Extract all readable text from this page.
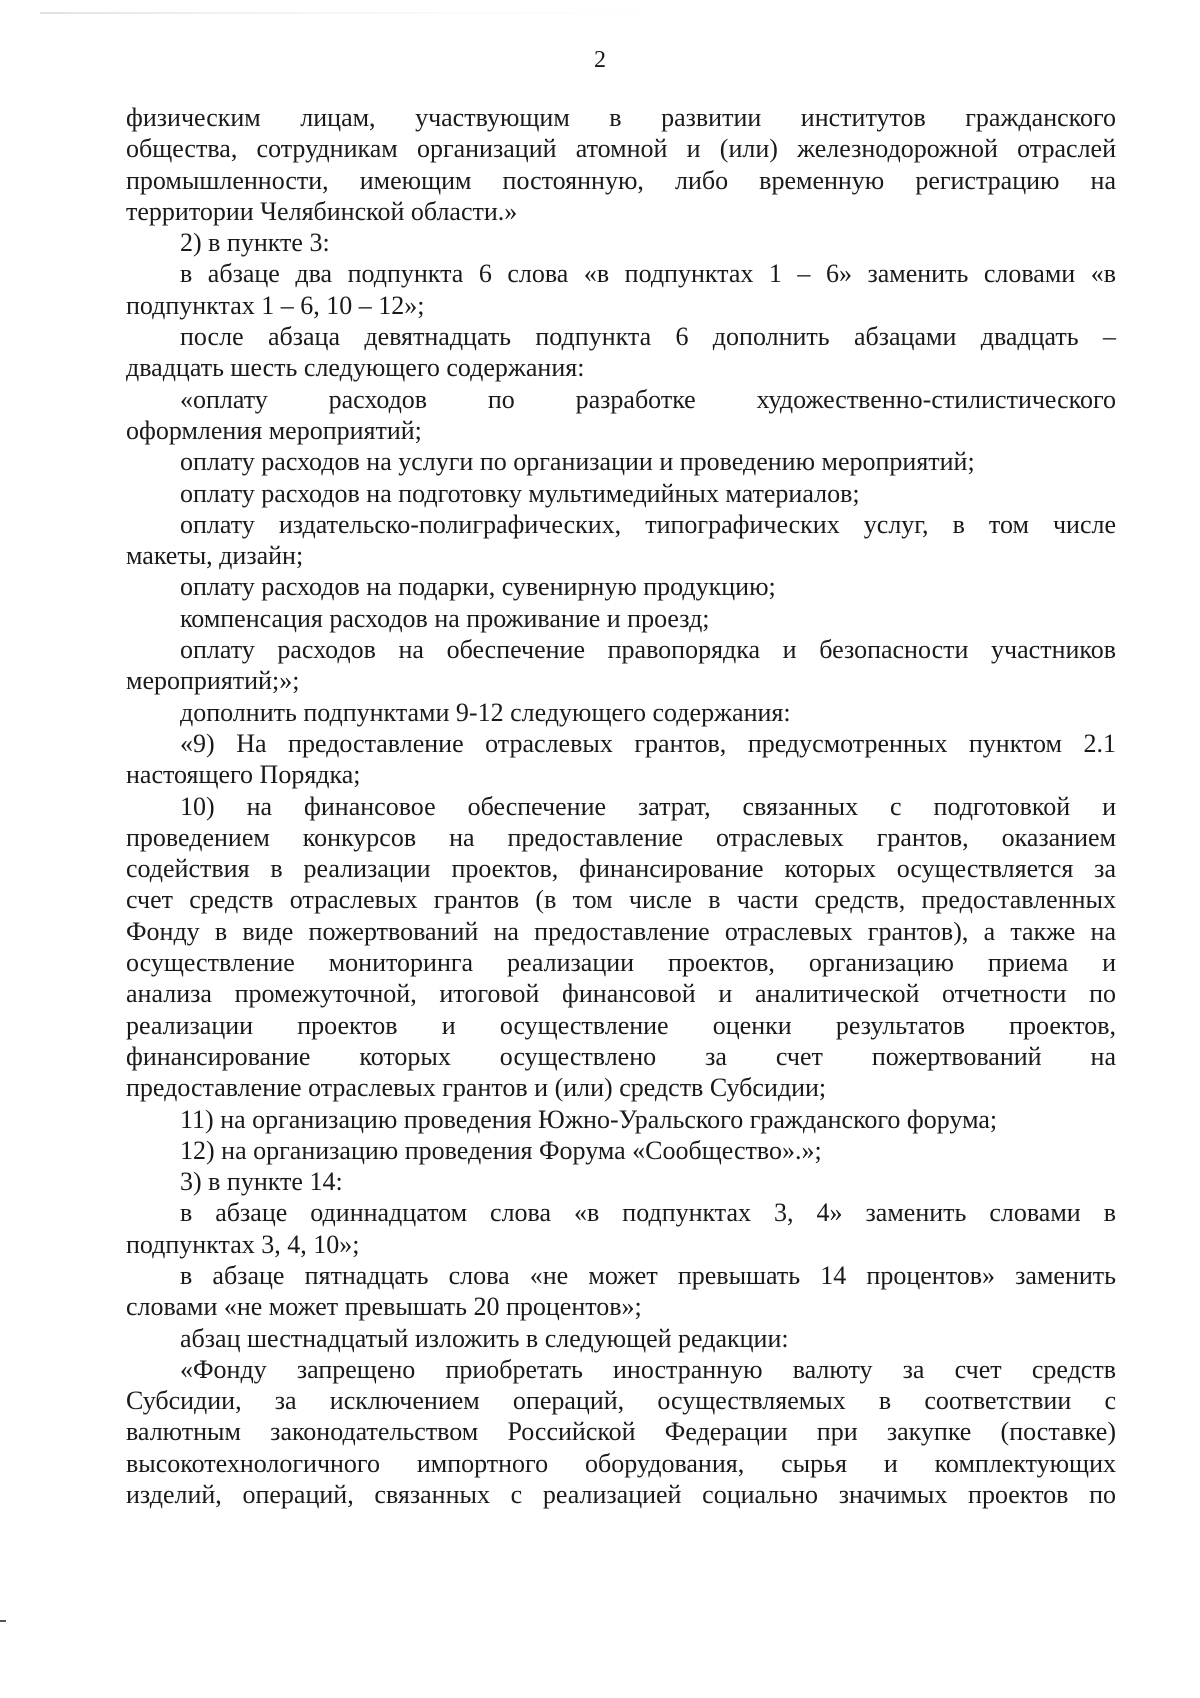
2
физическим лицам, участвующим в развитии институтов гражданского
общества, сотрудникам организаций атомной и (или) железнодорожной отраслей
промышленности, имеющим постоянную, либо временную регистрацию на
территории Челябинской области.»
2) в пункте 3:
в абзаце два подпункта 6 слова «в подпунктах 1 – 6» заменить словами «в
подпунктах 1 – 6, 10 – 12»;
после абзаца девятнадцать подпункта 6 дополнить абзацами двадцать –
двадцать шесть следующего содержания:
«оплату расходов по разработке художественно-стилистического
оформления мероприятий;
оплату расходов на услуги по организации и проведению мероприятий;
оплату расходов на подготовку мультимедийных материалов;
оплату издательско-полиграфических, типографических услуг, в том числе
макеты, дизайн;
оплату расходов на подарки, сувенирную продукцию;
компенсация расходов на проживание и проезд;
оплату расходов на обеспечение правопорядка и безопасности участников
мероприятий;»;
дополнить подпунктами 9-12 следующего содержания:
«9) На предоставление отраслевых грантов, предусмотренных пунктом 2.1
настоящего Порядка;
10) на финансовое обеспечение затрат, связанных с подготовкой и
проведением конкурсов на предоставление отраслевых грантов, оказанием
содействия в реализации проектов, финансирование которых осуществляется за
счет средств отраслевых грантов (в том числе в части средств, предоставленных
Фонду в виде пожертвований на предоставление отраслевых грантов), а также на
осуществление мониторинга реализации проектов, организацию приема и
анализа промежуточной, итоговой финансовой и аналитической отчетности по
реализации проектов и осуществление оценки результатов проектов,
финансирование которых осуществлено за счет пожертвований на
предоставление отраслевых грантов и (или) средств Субсидии;
11) на организацию проведения Южно-Уральского гражданского форума;
12) на организацию проведения Форума «Сообщество».»;
3) в пункте 14:
в абзаце одиннадцатом слова «в подпунктах 3, 4» заменить словами в
подпунктах 3, 4, 10»;
в абзаце пятнадцать слова «не может превышать 14 процентов» заменить
словами «не может превышать 20 процентов»;
абзац шестнадцатый изложить в следующей редакции:
«Фонду запрещено приобретать иностранную валюту за счет средств
Субсидии, за исключением операций, осуществляемых в соответствии с
валютным законодательством Российской Федерации при закупке (поставке)
высокотехнологичного импортного оборудования, сырья и комплектующих
изделий, операций, связанных с реализацией социально значимых проектов по
